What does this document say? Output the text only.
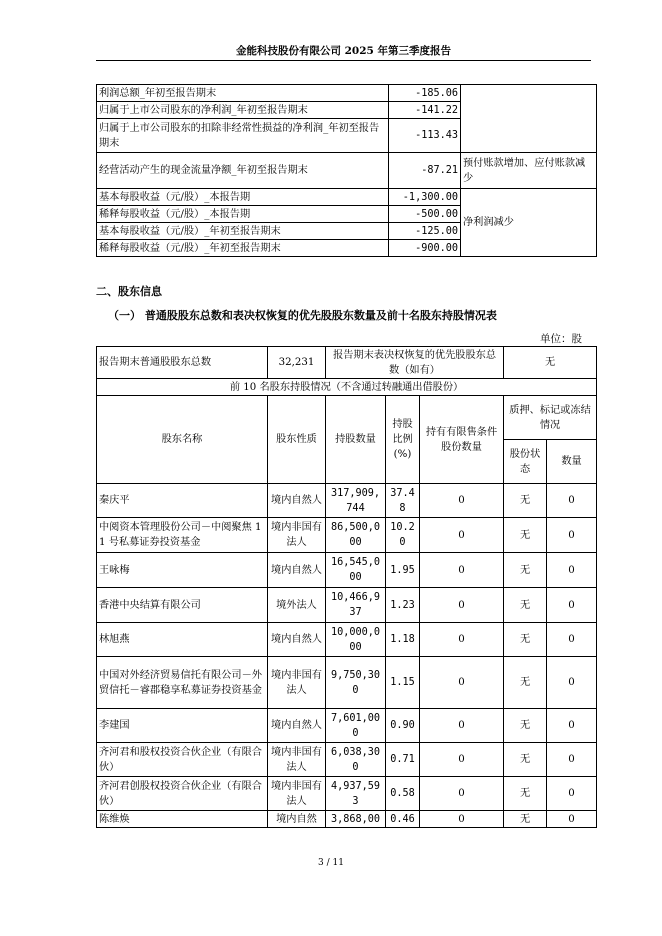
金能科技股份有限公司 2025 年第三季度报告
利润总额_年初至报告期末	-185.06	
归属于上市公司股东的净利润_年初至报告期末	-141.22	
归属于上市公司股东的扣除非经常性损益的净利润_年初至报告期末	-113.43	
经营活动产生的现金流量净额_年初至报告期末	-87.21	预付账款增加、应付账款减少
基本每股收益（元/股）_本报告期	-1,300.00	净利润减少
稀释每股收益（元/股）_本报告期	-500.00	
基本每股收益（元/股）_年初至报告期末	-125.00	
稀释每股收益（元/股）_年初至报告期末	-900.00	
二、股东信息
（一） 普通股股东总数和表决权恢复的优先股股东数量及前十名股东持股情况表
单位：股
报告期末普通股股东总数	32,231	报告期末表决权恢复的优先股股东总数（如有）			无	
前 10 名股东持股情况（不含通过转融通出借股份）						
股东名称	股东性质	持股数量	持股比例(%)	持有有限售条件股份数量	质押、标记或冻结情况	
					股份状态	数量
秦庆平	境内自然人	317,909,744	37.48	0	无	0
中阅资本管理股份公司－中阅聚焦 11 号私募证券投资基金	境内非国有法人	86,500,000	10.20	0	无	0
王咏梅	境内自然人	16,545,000	1.95	0	无	0
香港中央结算有限公司	境外法人	10,466,937	1.23	0	无	0
林旭燕	境内自然人	10,000,000	1.18	0	无	0
中国对外经济贸易信托有限公司－外贸信托－睿郡稳享私募证券投资基金	境内非国有法人	9,750,300	1.15	0	无	0
李建国	境内自然人	7,601,000	0.90	0	无	0
齐河君和股权投资合伙企业（有限合伙）	境内非国有法人	6,038,300	0.71	0	无	0
齐河君创股权投资合伙企业（有限合伙）	境内非国有法人	4,937,593	0.58	0	无	0
陈维焕	境内自然	3,868,00	0.46	0	无	0
3 / 11
